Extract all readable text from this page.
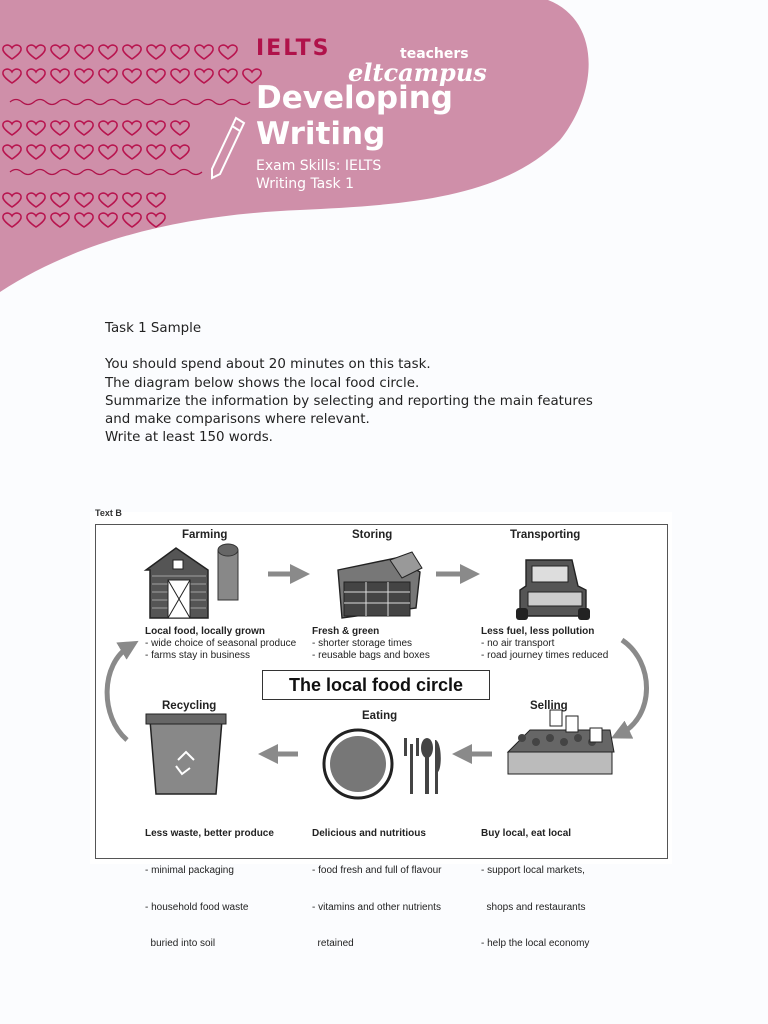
IELTS	teachers
eltcampus
Developing
Writing
Exam Skills: IELTS
Writing Task 1

Task 1 Sample

You should spend about 20 minutes on this task.

The diagram below shows the local food circle.

Summarize the information by selecting and reporting the main features

and make comparisons where relevant.

Write at least 150 words.

Text B
Farming	Storing	Transporting
Selling
Eating
Recycling
The local food circle
Local food, locally grown
- wide choice of seasonal produce
- farms stay in business
Fresh & green
- shorter storage times
- reusable bags and boxes
Less fuel, less pollution
- no air transport
- road journey times reduced

Buy local, eat local

- support local markets,

shops and restaurants

- help the local economy

Delicious and nutritious

- food fresh and full of flavour

- vitamins and other nutrients

retained

Less waste, better produce

- minimal packaging

- household food waste

buried into soil
